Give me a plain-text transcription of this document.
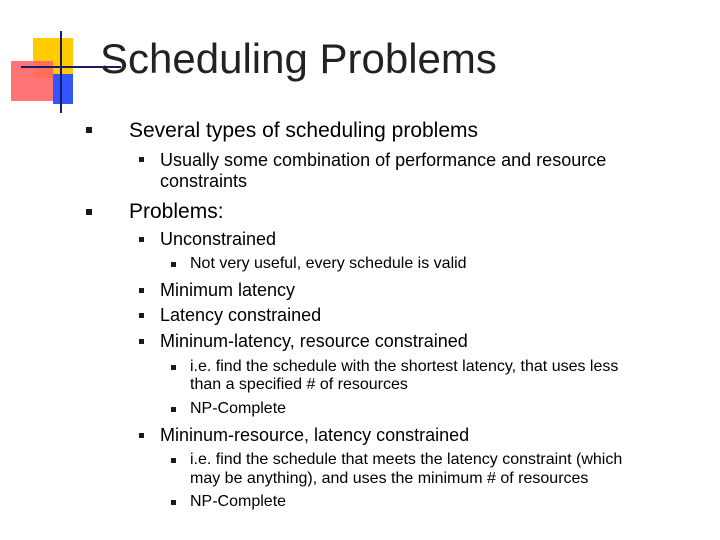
Scheduling Problems
Several types of scheduling problems
Usually some combination of performance and resource
constraints
Problems:
Unconstrained
Not very useful, every schedule is valid
Minimum latency
Latency constrained
Mininum-latency, resource constrained
i.e. find the schedule with the shortest latency, that uses less
than a specified # of resources
NP-Complete
Mininum-resource, latency constrained
i.e. find the schedule that meets the latency constraint (which
may be anything), and uses the minimum # of resources
NP-Complete
